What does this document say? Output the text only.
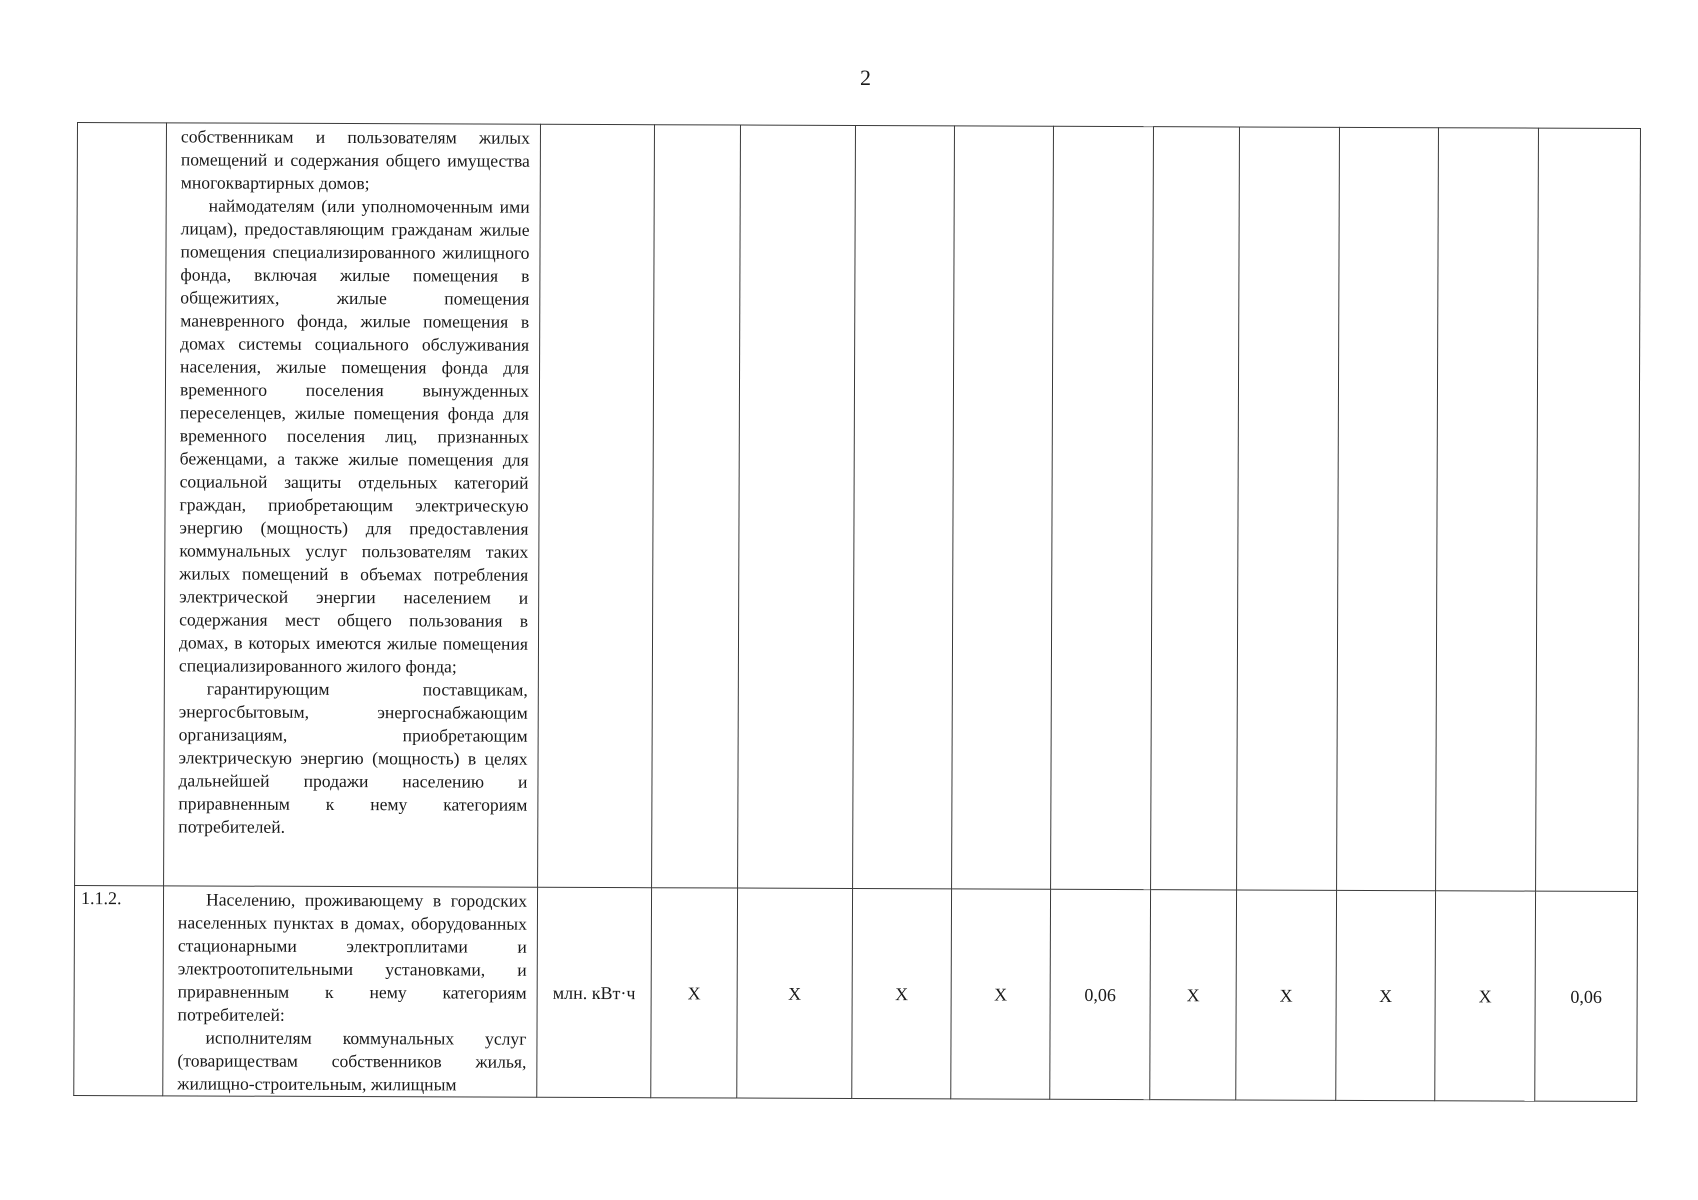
2

	собственникам и пользователям жилых помещений и содержания общего имущества многоквартирных домов;

наймодателям (или уполномоченным ими лицам), предоставляющим гражданам жилые помещения специализированного жилищного фонда, включая жилые помещения в общежитиях, жилые помещения маневренного фонда, жилые помещения в домах системы социального обслуживания населения, жилые помещения фонда для временного поселения вынужденных переселенцев, жилые помещения фонда для временного поселения лиц, признанных беженцами, а также жилые помещения для социальной защиты отдельных категорий граждан, приобретающим электрическую энергию (мощность) для предоставления коммунальных услуг пользователям таких жилых помещений в объемах потребления электрической энергии населением и содержания мест общего пользования в домах, в которых имеются жилые помещения специализированного жилого фонда;

гарантирующим поставщикам, энергосбытовым, энергоснабжающим организациям, приобретающим электрическую энергию (мощность) в целях дальнейшей продажи населению и приравненным к нему категориям потребителей.											

1.1.2.	Населению, проживающему в городских населенных пунктах в домах, оборудованных стационарными электроплитами и электроотопительными установками, и приравненным к нему категориям потребителей:

исполнителям коммунальных услуг (товариществам собственников жилья, жилищно-строительным, жилищным	млн. кВт·ч	X	X	X	X	0,06	X	X	X	X	0,06
